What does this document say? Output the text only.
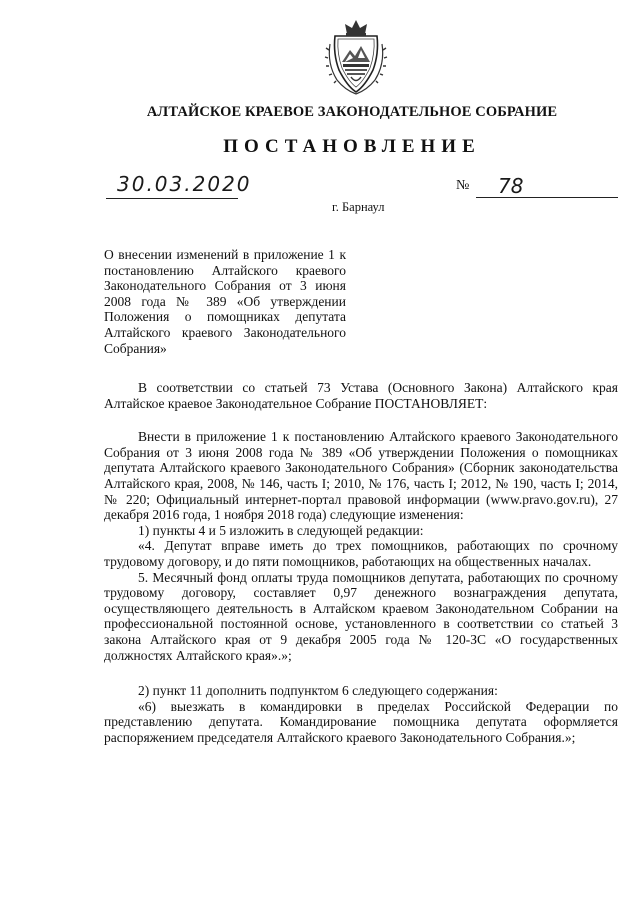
АЛТАЙСКОЕ КРАЕВОЕ ЗАКОНОДАТЕЛЬНОЕ СОБРАНИЕ
ПОСТАНОВЛЕНИЕ
30.03.2020	№ 78
г. Барнаул
О внесении изменений в приложение 1 к постановлению Алтайского краевого Законодательного Собрания от 3 июня 2008 года № 389 «Об утверждении Положения о помощниках депутата Алтайского краевого Законодательного Собрания»

В соответствии со статьей 73 Устава (Основного Закона) Алтайского края Алтайское краевое Законодательное Собрание ПОСТАНОВЛЯЕТ:

Внести в приложение 1 к постановлению Алтайского краевого Законодательного Собрания от 3 июня 2008 года № 389 «Об утверждении Положения о помощниках депутата Алтайского краевого Законодательного Собрания» (Сборник законодательства Алтайского края, 2008, № 146, часть I; 2010, № 176, часть I; 2012, № 190, часть I; 2014, № 220; Официальный интернет-портал правовой информации (www.pravo.gov.ru), 27 декабря 2016 года, 1 ноября 2018 года) следующие изменения:

1) пункты 4 и 5 изложить в следующей редакции:

«4. Депутат вправе иметь до трех помощников, работающих по срочному трудовому договору, и до пяти помощников, работающих на общественных началах.

5. Месячный фонд оплаты труда помощников депутата, работающих по срочному трудовому договору, составляет 0,97 денежного вознаграждения депутата, осуществляющего деятельность в Алтайском краевом Законодательном Собрании на профессиональной постоянной основе, установленного в соответствии со статьей 3 закона Алтайского края от 9 декабря 2005 года № 120-ЗС «О государственных должностях Алтайского края».»;

2) пункт 11 дополнить подпунктом 6 следующего содержания:

«6) выезжать в командировки в пределах Российской Федерации по представлению депутата. Командирование помощника депутата оформляется распоряжением председателя Алтайского краевого Законодательного Собрания.»;
